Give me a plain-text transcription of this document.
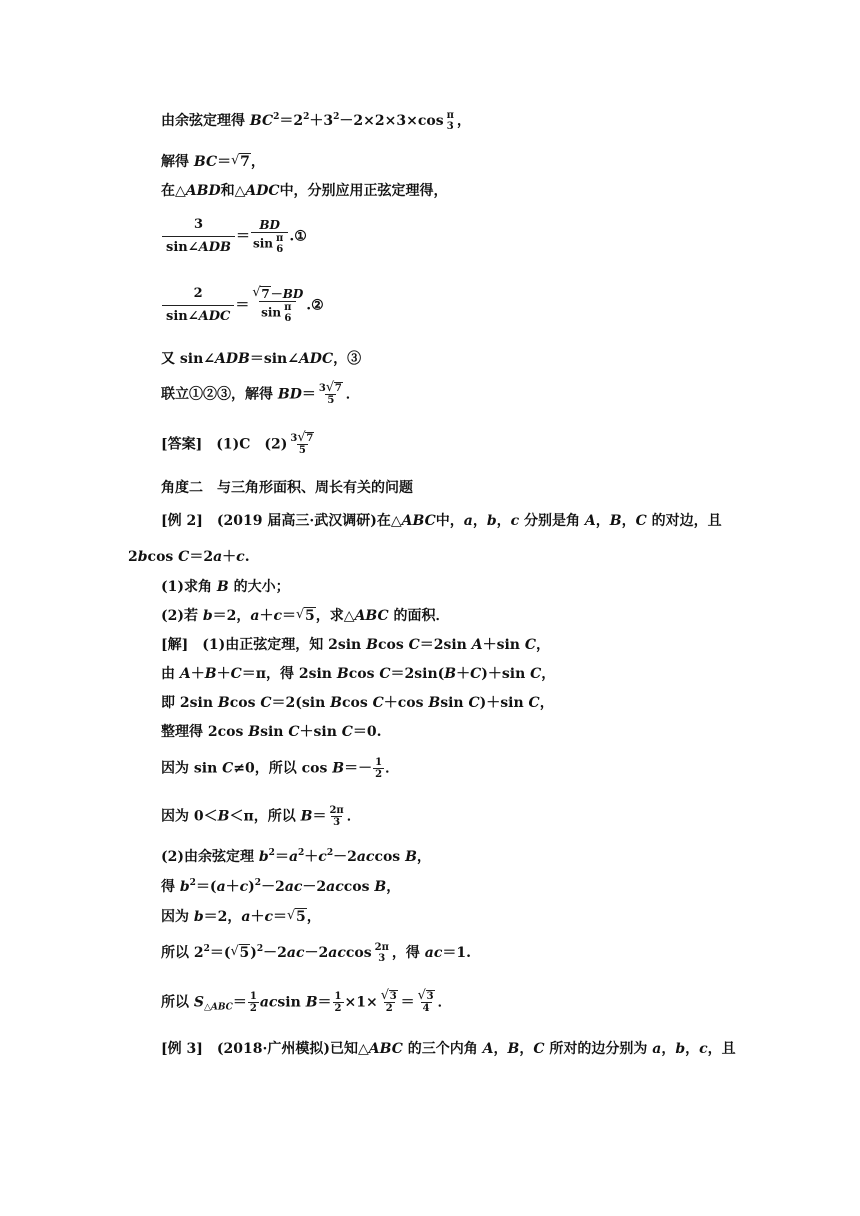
由余弦定理得 $BC^2=2^2+3^2-2\times 2\times 3\times\cos$ π
3 ，
解得 BC＝√ 7，
在△ABD和△ADC中，分别应用正弦定理得，
$\frac{3}{\text{sin∠ADB}}$ ＝ BD
sin π
6 .①
$\frac{2}{\text{sin∠ADC}}$ ＝
√ 7－BD
sin π
6 .②
又 sin∠ADB＝sin∠ADC，③
联立①②③，解得 $BD= \frac{3√ 7}{5}$ ．
[答案]　 (1)C　$(2) \frac{3√ 7}{5}$
角度二　与三角形面积、周长有关的问题
[例 2]　 (2019 届高三·武汉调研)在△ABC中，a，b，c 分别是角 A，B，C 的对边，且
2bcos C＝2a＋c.
(1)求角 B 的大小；
(2)若 b＝2，a＋c＝√ 5，求△ABC 的面积．
[解]　 (1)由正弦定理，知 2sin Bcos C＝2sin A＋sin C，
由 A＋B＋C＝π，得 2sin Bcos C＝2sin(B＋C)＋sin C，
即 2sin Bcos C＝2(sin Bcos C＋cos Bsin C)＋sin C，
整理得 2cos Bsin C＋sin C＝0.
因为 sin C≠0，所以 $\cos B=- \frac{1}{2}$ ．
因为 0＜B＜π，所以 $B= \frac{2\pi}{3}$ ．
(2)由余弦定理 $b^2=a^2+c^2-2accos$ B，
得 $b^2=(a+c)^2-2ac-2accos$ B，
因为 b＝2，a＋c＝√ 5，
所以 $2^2=(√$ 5)$^2$－2ac－2accos 2π
3 ，得 ac＝1.
所以 $S_{\triangle ABC}= \frac{1}{2}$ acsin $B= \frac{1}{2} \times 1\times$
√ $\frac{3}{2}$ ＝
√ $\frac{3}{4}$ ．
[例 3]　 (2018·广州模拟)已知△ABC 的三个内角 A，B，C 所对的边分别为 a，b，c，且
